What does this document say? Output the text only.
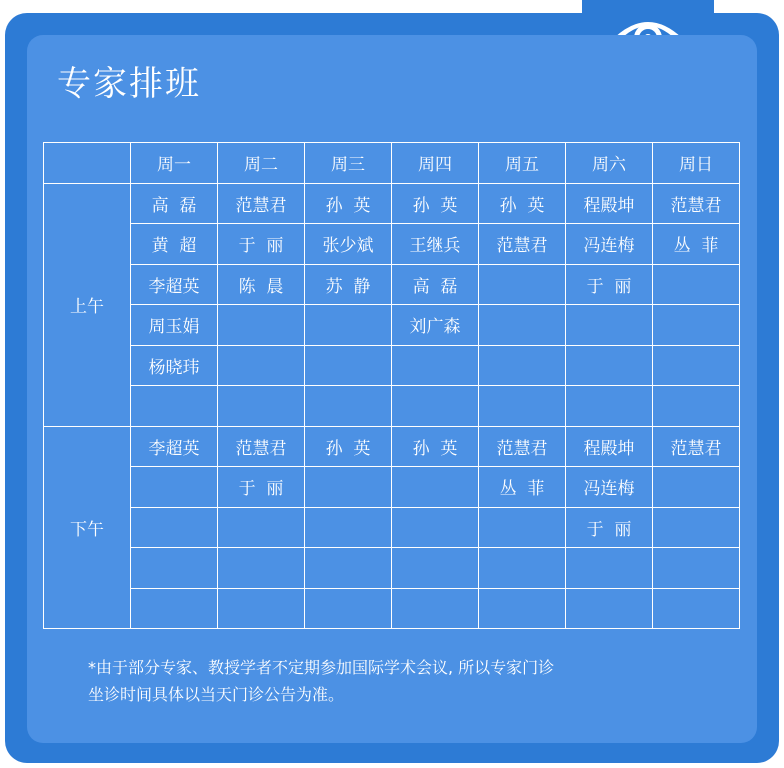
专家排班
	周一	周二	周三	周四	周五	周六	周日
上午	高  磊	范慧君	孙  英	孙  英	孙  英	程殿坤	范慧君
	黄  超	于  丽	张少斌	王继兵	范慧君	冯连梅	丛  菲
	李超英	陈  晨	苏  静	高  磊		于  丽	
	周玉娟			刘广森			
	杨晓玮						

下午	李超英	范慧君	孙  英	孙  英	范慧君	程殿坤	范慧君
		于  丽			丛  菲	冯连梅	
						于  丽	

*由于部分专家、教授学者不定期参加国际学术会议, 所以专家门诊
坐诊时间具体以当天门诊公告为准。
